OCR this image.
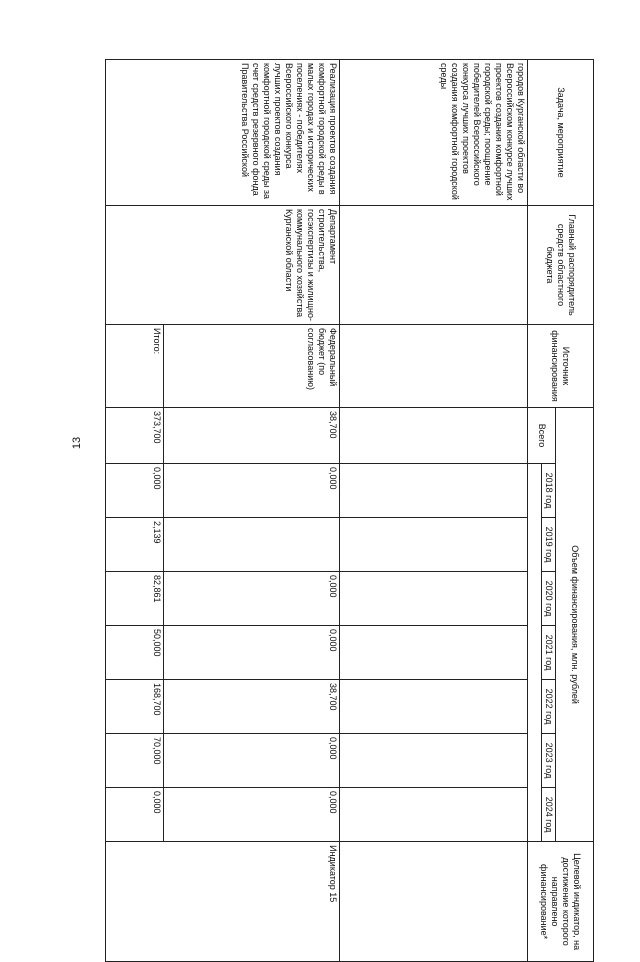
13
Задача, мероприятие	Главный распорядитель средств областного бюджета	Источник финансирования	Объем финансирования, млн. рублей								Целевой индикатор, на достижение которого направлено финансирование*
			Всего	2018 год	2019 год	2020 год	2021 год	2022 год	2023 год	2024 год	

городов Курганской области во Всероссийском конкурсе лучших проектов создания комфортной городской среды; поощрение победителей Всероссийского конкурса лучших проектов создания комфортной городской среды											
Реализация проектов создания комфортной городской среды в малых городах и исторических поселениях - победителях Всероссийского конкурса лучших проектов создания комфортной городской среды за счет средств резервного фонда Правительства Российской	Департамент строительства, госэкспертизы и жилищно-коммунального хозяйства Курганской области	Федеральный бюджет (по согласованию)	38,700	0,000		0,000	0,000	38,700	0,000	0,000	Индикатор 15
		Итого:	373,700	0,000	2,139	82,861	50,000	168,700	70,000	0,000	
